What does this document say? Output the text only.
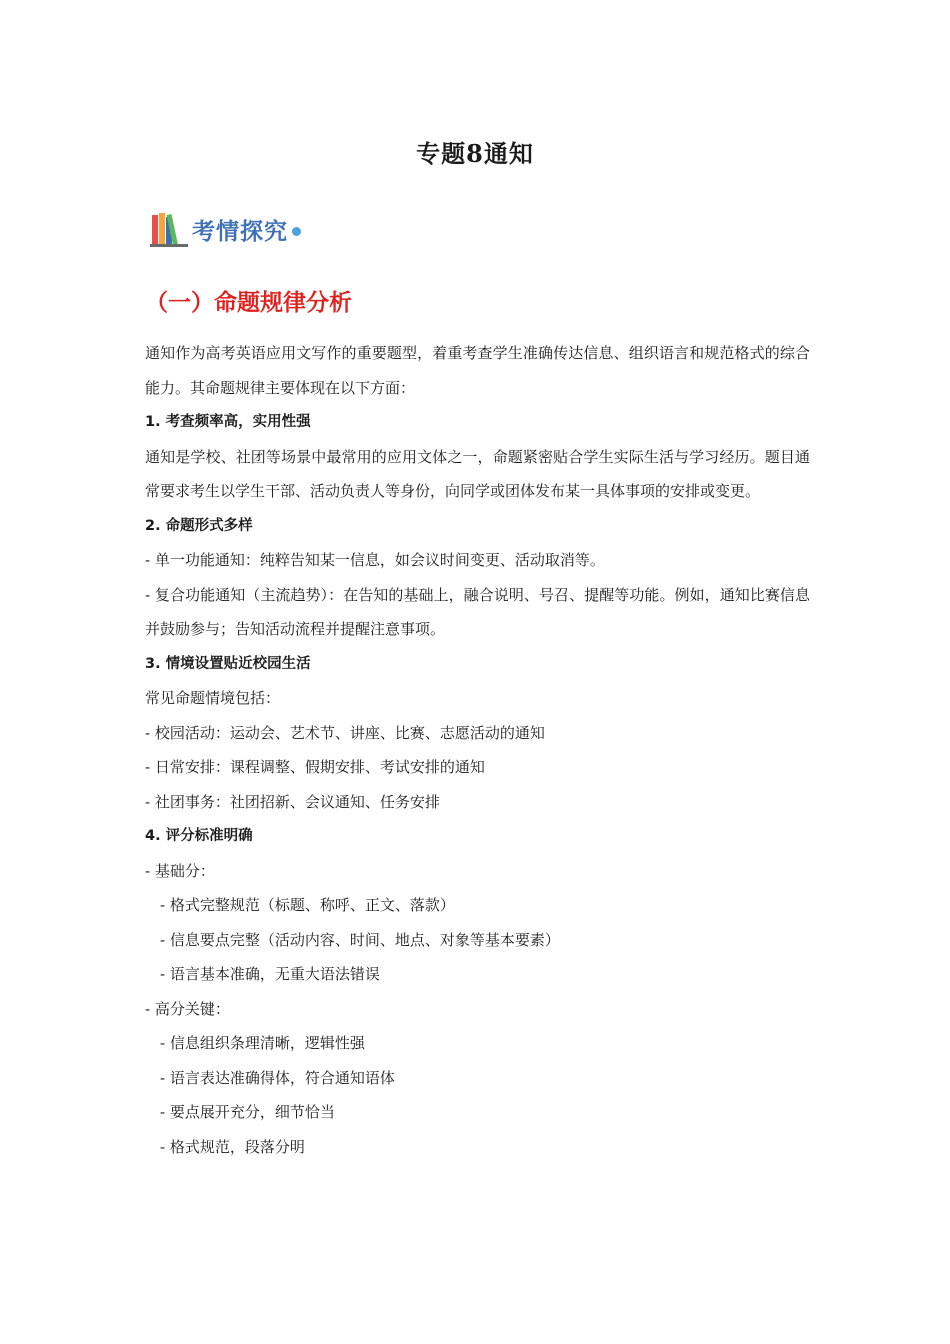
专题8通知
考情探究
（一）命题规律分析

通知作为高考英语应用文写作的重要题型，着重考查学生准确传达信息、组织语言和规范格式的综合能力。其命题规律主要体现在以下方面：

1. 考查频率高，实用性强

通知是学校、社团等场景中最常用的应用文体之一，命题紧密贴合学生实际生活与学习经历。题目通常要求考生以学生干部、活动负责人等身份，向同学或团体发布某一具体事项的安排或变更。

2. 命题形式多样

- 单一功能通知：纯粹告知某一信息，如会议时间变更、活动取消等。

- 复合功能通知（主流趋势）：在告知的基础上，融合说明、号召、提醒等功能。例如，通知比赛信息并鼓励参与；告知活动流程并提醒注意事项。

3. 情境设置贴近校园生活

常见命题情境包括：

- 校园活动：运动会、艺术节、讲座、比赛、志愿活动的通知

- 日常安排：课程调整、假期安排、考试安排的通知

- 社团事务：社团招新、会议通知、任务安排

4. 评分标准明确

- 基础分：

- 格式完整规范（标题、称呼、正文、落款）

- 信息要点完整（活动内容、时间、地点、对象等基本要素）

- 语言基本准确，无重大语法错误

- 高分关键：

- 信息组织条理清晰，逻辑性强

- 语言表达准确得体，符合通知语体

- 要点展开充分，细节恰当

- 格式规范，段落分明
